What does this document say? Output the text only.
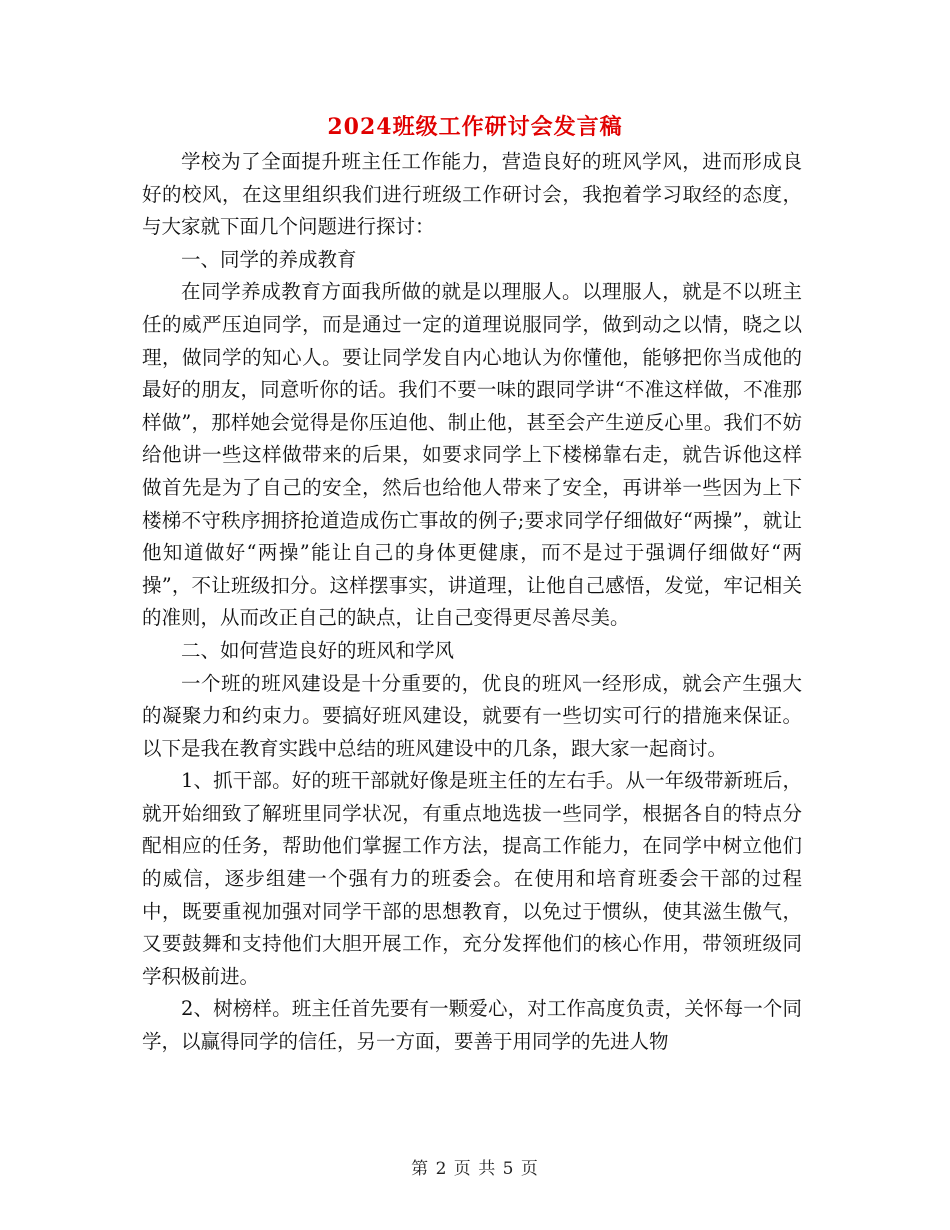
2024班级工作研讨会发言稿

学校为了全面提升班主任工作能力，营造良好的班风学风，进而形成良好的校风，在这里组织我们进行班级工作研讨会，我抱着学习取经的态度，与大家就下面几个问题进行探讨：

一、同学的养成教育

在同学养成教育方面我所做的就是以理服人。以理服人，就是不以班主任的威严压迫同学，而是通过一定的道理说服同学，做到动之以情，晓之以理，做同学的知心人。要让同学发自内心地认为你懂他，能够把你当成他的最好的朋友，同意听你的话。我们不要一味的跟同学讲“不准这样做，不准那样做”，那样她会觉得是你压迫他、制止他，甚至会产生逆反心里。我们不妨给他讲一些这样做带来的后果，如要求同学上下楼梯靠右走，就告诉他这样做首先是为了自己的安全，然后也给他人带来了安全，再讲举一些因为上下楼梯不守秩序拥挤抢道造成伤亡事故的例子;要求同学仔细做好“两操”，就让他知道做好“两操”能让自己的身体更健康，而不是过于强调仔细做好“两操”，不让班级扣分。这样摆事实，讲道理，让他自己感悟，发觉，牢记相关的准则，从而改正自己的缺点，让自己变得更尽善尽美。

二、如何营造良好的班风和学风

一个班的班风建设是十分重要的，优良的班风一经形成，就会产生强大的凝聚力和约束力。要搞好班风建设，就要有一些切实可行的措施来保证。以下是我在教育实践中总结的班风建设中的几条，跟大家一起商讨。

1、抓干部。好的班干部就好像是班主任的左右手。从一年级带新班后，就开始细致了解班里同学状况，有重点地选拔一些同学，根据各自的特点分配相应的任务，帮助他们掌握工作方法，提高工作能力，在同学中树立他们的威信，逐步组建一个强有力的班委会。在使用和培育班委会干部的过程中，既要重视加强对同学干部的思想教育，以免过于惯纵，使其滋生傲气，又要鼓舞和支持他们大胆开展工作，充分发挥他们的核心作用，带领班级同学积极前进。

2、树榜样。班主任首先要有一颗爱心，对工作高度负责，关怀每一个同学，以赢得同学的信任，另一方面，要善于用同学的先进人物

第 2 页 共 5 页
